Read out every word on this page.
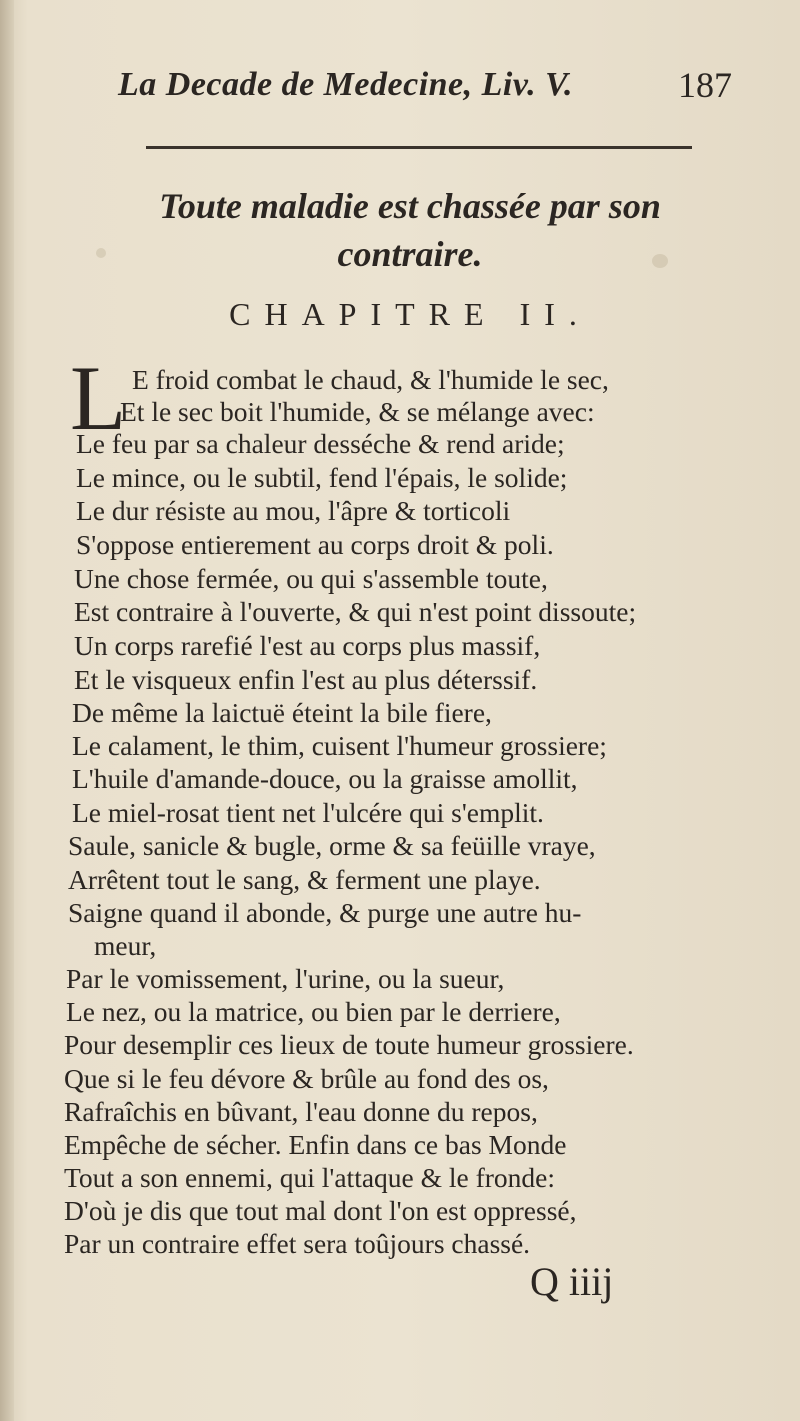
La Decade de Medecine, Liv. V.	187
Toute maladie est chassée par son
contraire.
CHAPITRE II.
L E froid combat le chaud, & l'humide le sec,

Et le sec boit l'humide, & se mélange avec:

Le feu par sa chaleur desséche & rend aride;

Le mince, ou le subtil, fend l'épais, le solide;

Le dur résiste au mou, l'âpre & torticoli

S'oppose entierement au corps droit & poli.

Une chose fermée, ou qui s'assemble toute,

Est contraire à l'ouverte, & qui n'est point dissoute;

Un corps rarefié l'est au corps plus massif,

Et le visqueux enfin l'est au plus déterssif.

De même la laictuë éteint la bile fiere,

Le calament, le thim, cuisent l'humeur grossiere;

L'huile d'amande-douce, ou la graisse amollit,

Le miel-rosat tient net l'ulcére qui s'emplit.

Saule, sanicle & bugle, orme & sa feüille vraye,

Arrêtent tout le sang, & ferment une playe.

Saigne quand il abonde, & purge une autre hu-

meur,

Par le vomissement, l'urine, ou la sueur,

Le nez, ou la matrice, ou bien par le derriere,

Pour desemplir ces lieux de toute humeur grossiere.

Que si le feu dévore & brûle au fond des os,

Rafraîchis en bûvant, l'eau donne du repos,

Empêche de sécher. Enfin dans ce bas Monde

Tout a son ennemi, qui l'attaque & le fronde:

D'où je dis que tout mal dont l'on est oppressé,

Par un contraire effet sera toûjours chassé.

Q iiij
